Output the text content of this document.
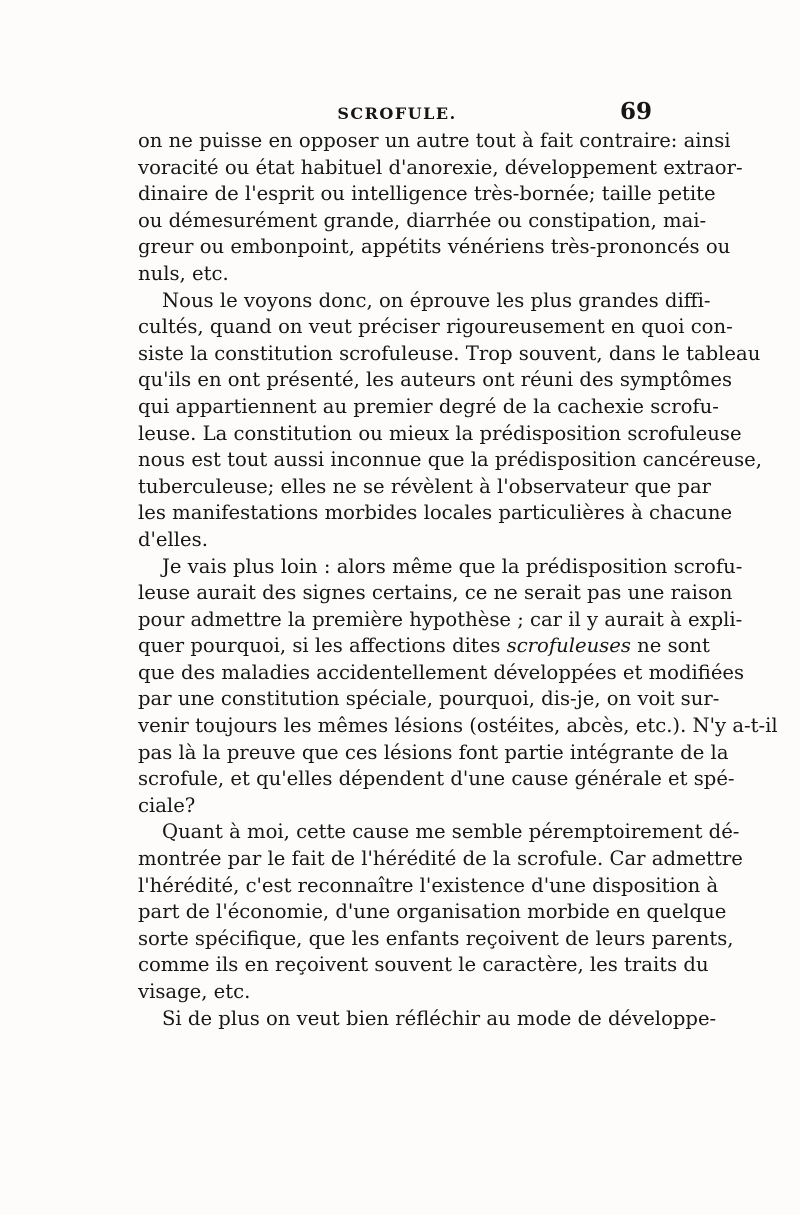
SCROFULE.	69
on ne puisse en opposer un autre tout à fait contraire: ainsi
voracité ou état habituel d'anorexie, développement extraor-
dinaire de l'esprit ou intelligence très-bornée; taille petite
ou démesurément grande, diarrhée ou constipation, mai-
greur ou embonpoint, appétits vénériens très-prononcés ou
nuls, etc.
Nous le voyons donc, on éprouve les plus grandes diffi-
cultés, quand on veut préciser rigoureusement en quoi con-
siste la constitution scrofuleuse. Trop souvent, dans le tableau
qu'ils en ont présenté, les auteurs ont réuni des symptômes
qui appartiennent au premier degré de la cachexie scrofu-
leuse. La constitution ou mieux la prédisposition scrofuleuse
nous est tout aussi inconnue que la prédisposition cancéreuse,
tuberculeuse; elles ne se révèlent à l'observateur que par
les manifestations morbides locales particulières à chacune
d'elles.
Je vais plus loin : alors même que la prédisposition scrofu-
leuse aurait des signes certains, ce ne serait pas une raison
pour admettre la première hypothèse ; car il y aurait à expli-
quer pourquoi, si les affections dites scrofuleuses ne sont
que des maladies accidentellement développées et modifiées
par une constitution spéciale, pourquoi, dis-je, on voit sur-
venir toujours les mêmes lésions (ostéites, abcès, etc.). N'y a-t-il
pas là la preuve que ces lésions font partie intégrante de la
scrofule, et qu'elles dépendent d'une cause générale et spé-
ciale?
Quant à moi, cette cause me semble péremptoirement dé-
montrée par le fait de l'hérédité de la scrofule. Car admettre
l'hérédité, c'est reconnaître l'existence d'une disposition à
part de l'économie, d'une organisation morbide en quelque
sorte spécifique, que les enfants reçoivent de leurs parents,
comme ils en reçoivent souvent le caractère, les traits du
visage, etc.
Si de plus on veut bien réfléchir au mode de développe-
